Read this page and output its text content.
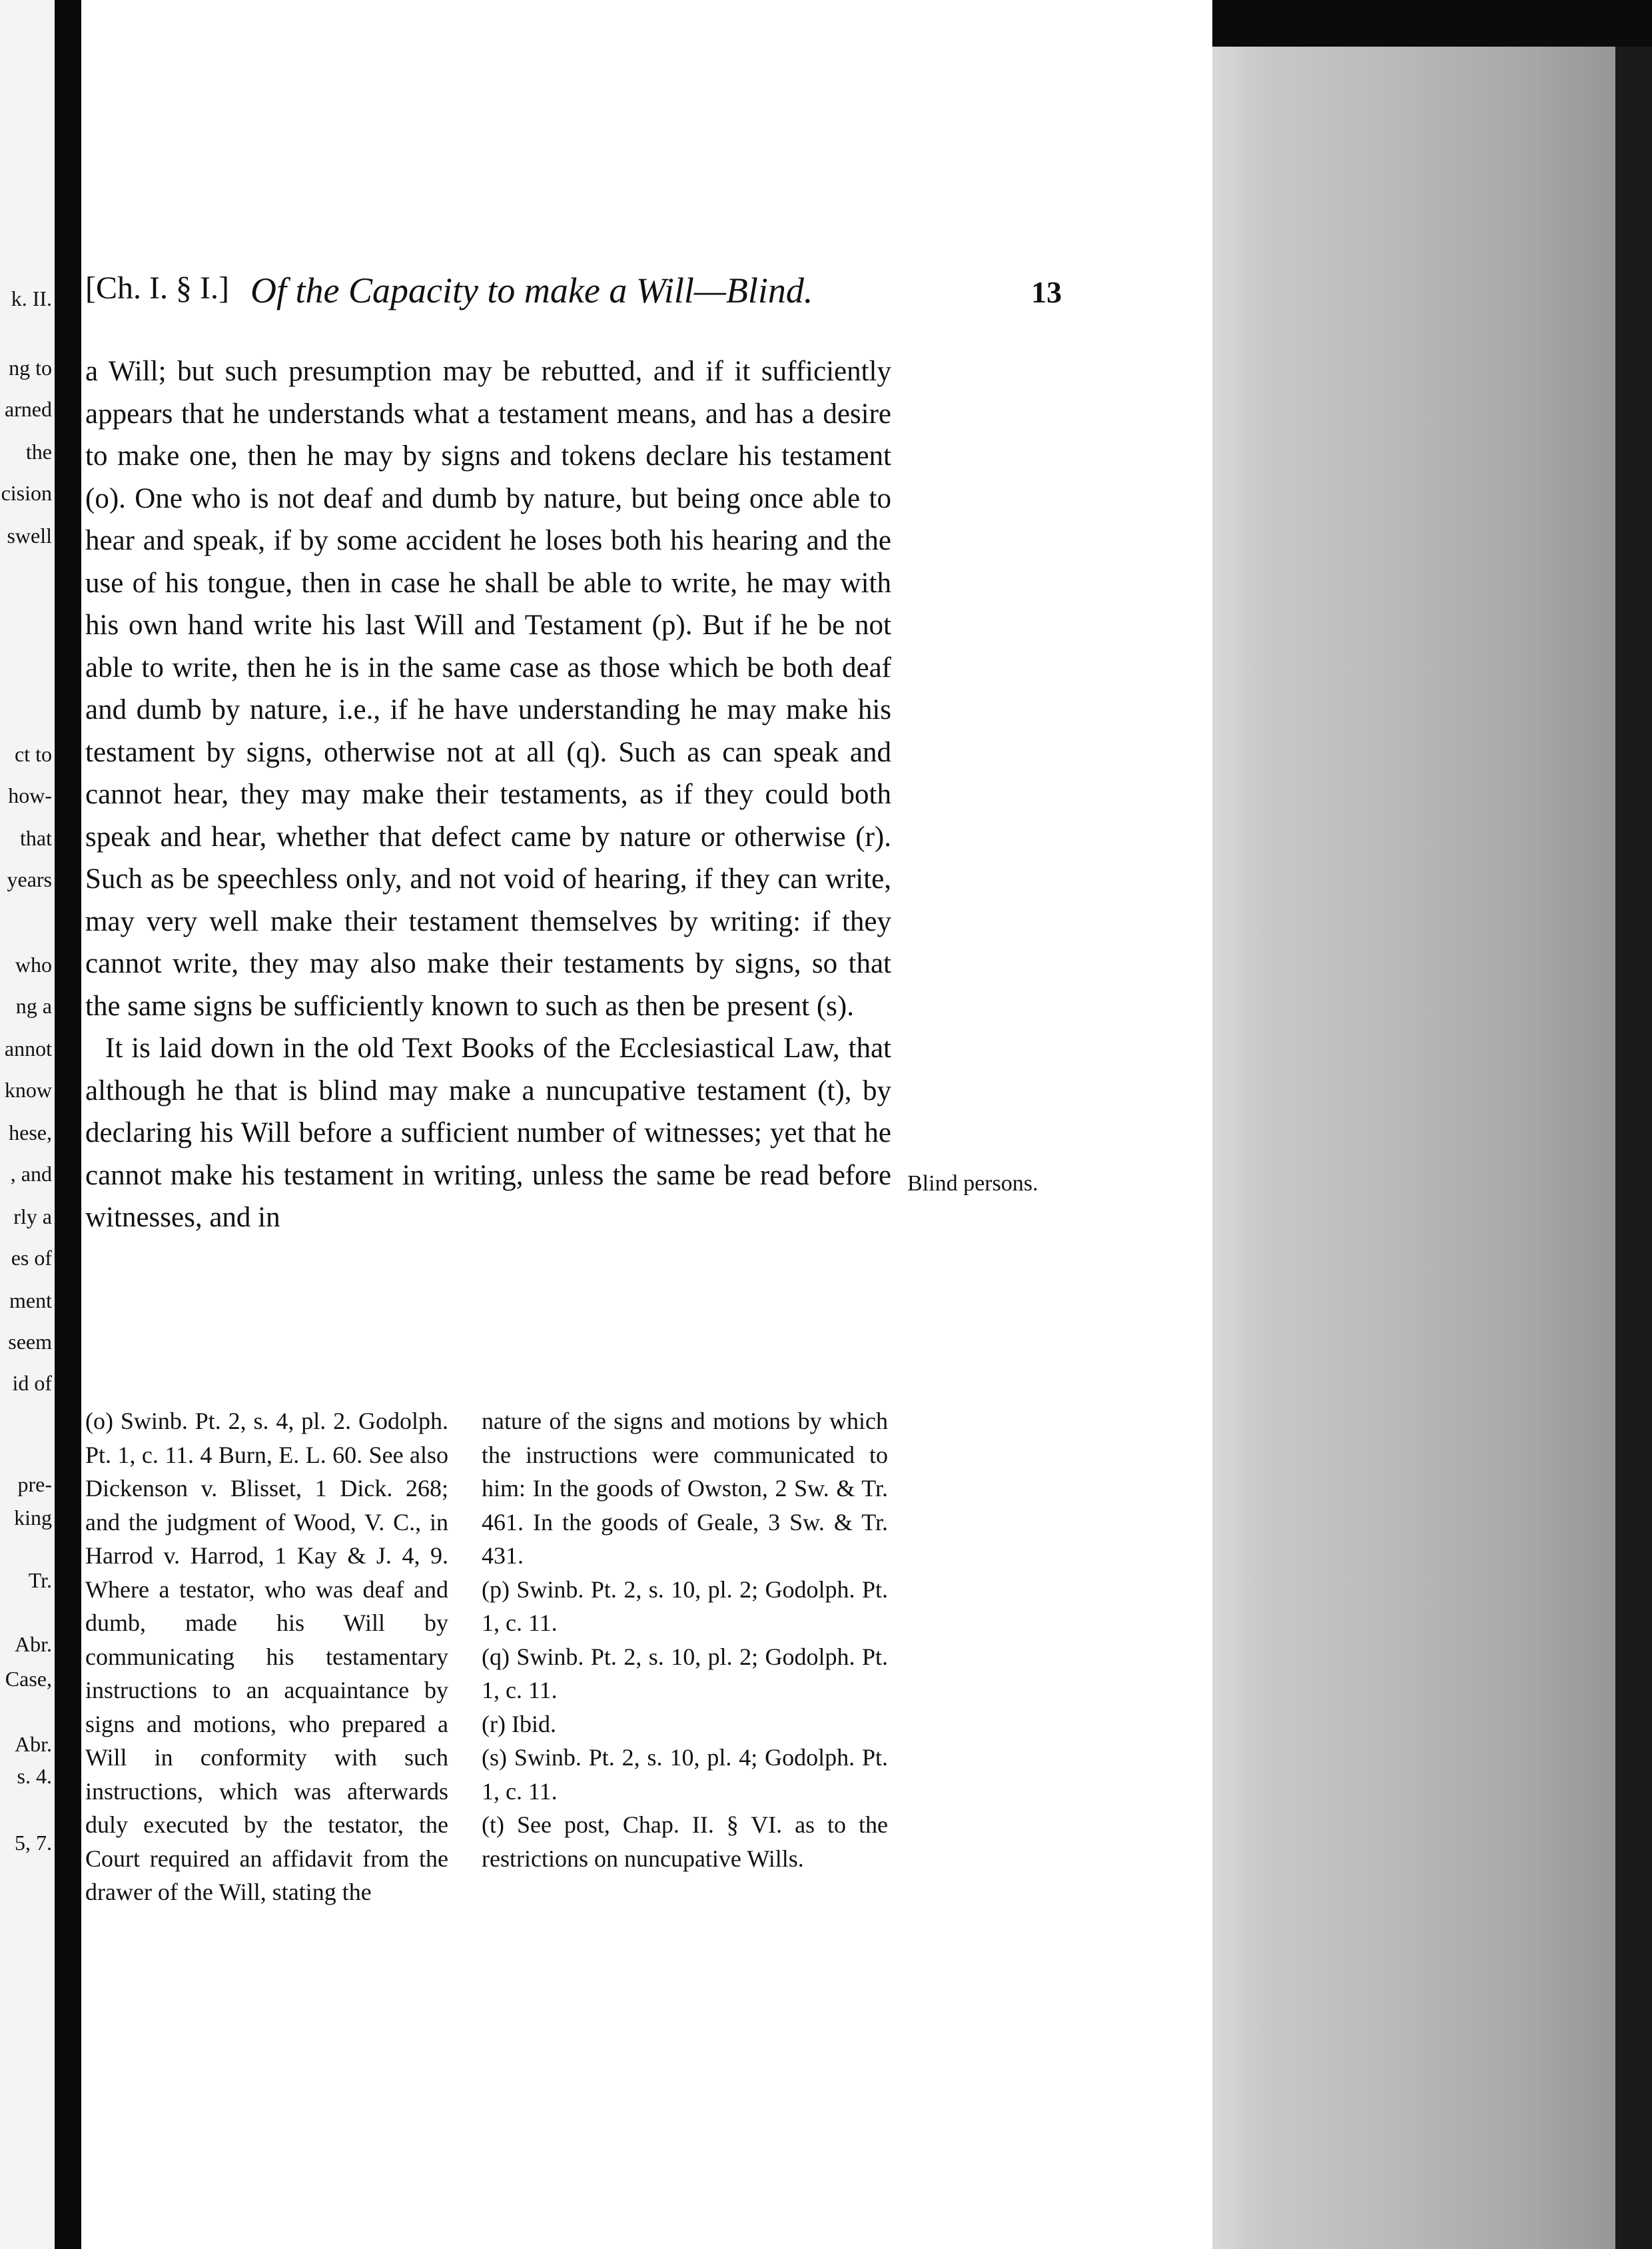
k. II.
ng to
arned
the
cision
swell
ct to
how-
that
years
who
ng a
annot
know
hese,
, and
rly a
es of
ment
seem
id of
pre-
king
Tr.
Abr.
Case,
Abr.
s. 4.
5, 7.
[Ch. I. § I.] Of the Capacity to make a Will—Blind.	13

a Will; but such presumption may be rebutted, and if it sufficiently appears that he understands what a testament means, and has a desire to make one, then he may by signs and tokens declare his testament (o). One who is not deaf and dumb by nature, but being once able to hear and speak, if by some accident he loses both his hearing and the use of his tongue, then in case he shall be able to write, he may with his own hand write his last Will and Testament (p). But if he be not able to write, then he is in the same case as those which be both deaf and dumb by nature, i.e., if he have understanding he may make his testament by signs, otherwise not at all (q). Such as can speak and cannot hear, they may make their testaments, as if they could both speak and hear, whether that defect came by nature or otherwise (r). Such as be speechless only, and not void of hearing, if they can write, may very well make their testament themselves by writing: if they cannot write, they may also make their testaments by signs, so that the same signs be sufficiently known to such as then be present (s).

It is laid down in the old Text Books of the Ecclesiastical Law, that although he that is blind may make a nuncupative testament (t), by declaring his Will before a sufficient number of witnesses; yet that he cannot make his testament in writing, unless the same be read before witnesses, and in

Blind persons.

(o) Swinb. Pt. 2, s. 4, pl. 2. Godolph. Pt. 1, c. 11. 4 Burn, E. L. 60. See also Dickenson v. Blisset, 1 Dick. 268; and the judgment of Wood, V. C., in Harrod v. Harrod, 1 Kay & J. 4, 9. Where a testator, who was deaf and dumb, made his Will by communicating his testamentary instructions to an acquaintance by signs and motions, who prepared a Will in conformity with such instructions, which was afterwards duly executed by the testator, the Court required an affidavit from the drawer of the Will, stating the

nature of the signs and motions by which the instructions were communicated to him: In the goods of Owston, 2 Sw. & Tr. 461. In the goods of Geale, 3 Sw. & Tr. 431.

(p) Swinb. Pt. 2, s. 10, pl. 2; Godolph. Pt. 1, c. 11.

(q) Swinb. Pt. 2, s. 10, pl. 2; Godolph. Pt. 1, c. 11.

(r) Ibid.

(s) Swinb. Pt. 2, s. 10, pl. 4; Godolph. Pt. 1, c. 11.

(t) See post, Chap. II. § VI. as to the restrictions on nuncupative Wills.
